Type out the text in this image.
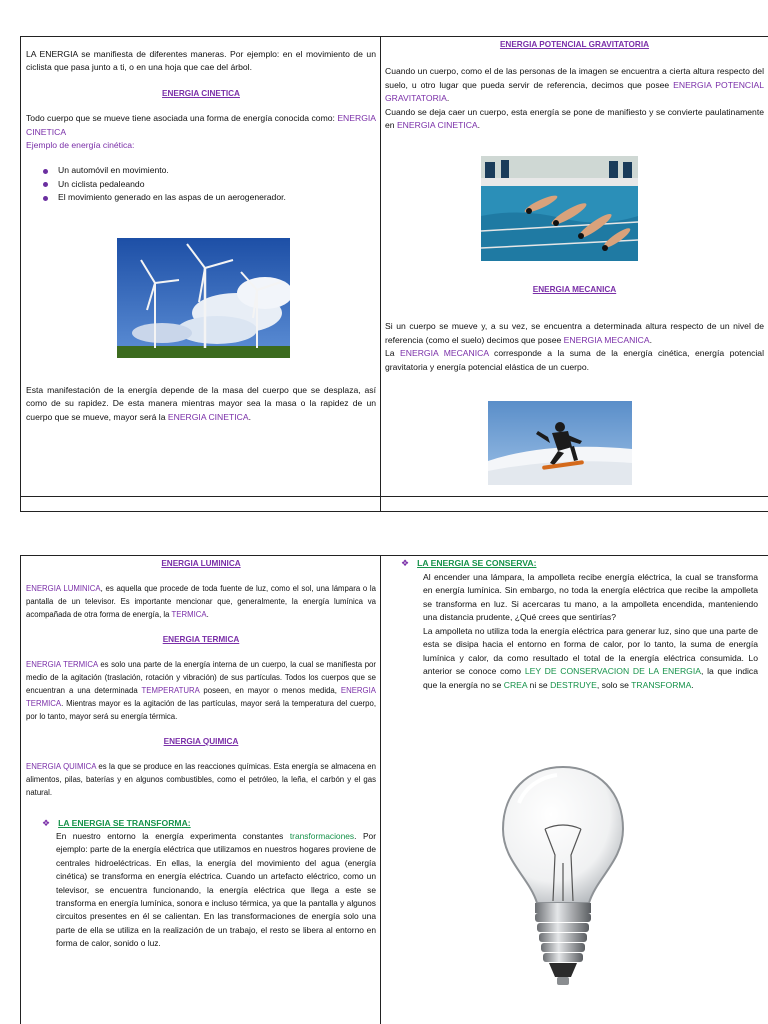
LA ENERGIA se manifiesta de diferentes maneras. Por ejemplo: en el movimiento de un ciclista que pasa junto a ti, o en una hoja que cae del árbol.

ENERGIA CINETICA

Todo cuerpo que se mueve tiene asociada una forma de energía conocida como: ENERGIA CINETICA

Ejemplo de energía cinética:

Un automóvil en movimiento.
Un ciclista pedaleando
El movimiento generado en las aspas de un aerogenerador.

Esta manifestación de la energía depende de la masa del cuerpo que se desplaza, así como de su rapidez. De esta manera mientras mayor sea la masa o la rapidez de un cuerpo que se mueve, mayor será la ENERGIA CINETICA.

ENERGIA POTENCIAL GRAVITATORIA

Cuando un cuerpo, como el de las personas de la imagen se encuentra a cierta altura respecto del suelo, u otro lugar que pueda servir de referencia, decimos que posee ENERGIA POTENCIAL GRAVITATORIA.
Cuando se deja caer un cuerpo, esta energía se pone de manifiesto y se convierte paulatinamente en ENERGIA CINETICA.

ENERGIA MECANICA

Si un cuerpo se mueve y, a su vez, se encuentra a determinada altura respecto de un nivel de referencia (como el suelo) decimos que posee ENERGIA MECANICA.
La ENERGIA MECANICA corresponde a la suma de la energía cinética, energía potencial gravitatoria y energía potencial elástica de un cuerpo.

ENERGIA LUMINICA

ENERGIA LUMINICA, es aquella que procede de toda fuente de luz, como el sol, una lámpara o la pantalla de un televisor. Es importante mencionar que, generalmente, la energía lumínica va acompañada de otra forma de energía, la TERMICA.

ENERGIA TERMICA

ENERGIA TERMICA es solo una parte de la energía interna de un cuerpo, la cual se manifiesta por medio de la agitación (traslación, rotación y vibración) de sus partículas. Todos los cuerpos que se encuentran a una determinada TEMPERATURA poseen, en mayor o menos medida, ENERGIA TERMICA. Mientras mayor es la agitación de las partículas, mayor será la temperatura del cuerpo, por lo tanto, mayor será su energía térmica.

ENERGIA QUIMICA

ENERGIA QUIMICA es la que se produce en las reacciones químicas. Esta energía se almacena en alimentos, pilas, baterías y en algunos combustibles, como el petróleo, la leña, el carbón y el gas natural.

❖ LA ENERGIA SE TRANSFORMA:

En nuestro entorno la energía experimenta constantes transformaciones. Por ejemplo: parte de la energía eléctrica que utilizamos en nuestros hogares proviene de centrales hidroeléctricas. En ellas, la energía del movimiento del agua (energía cinética) se transforma en energía eléctrica. Cuando un artefacto eléctrico, como un televisor, se encuentra funcionando, la energía eléctrica que llega a este se transforma en energía lumínica, sonora e incluso térmica, ya que la pantalla y algunos circuitos presentes en él se calientan. En las transformaciones de energía solo una parte de ella se utiliza en la realización de un trabajo, el resto se libera al entorno en forma de calor, sonido o luz.

❖ LA ENERGIA SE CONSERVA:

Al encender una lámpara, la ampolleta recibe energía eléctrica, la cual se transforma en energía lumínica. Sin embargo, no toda la energía eléctrica que recibe la ampolleta se transforma en luz. Si acercaras tu mano, a la ampolleta encendida, manteniendo una distancia prudente, ¿Qué crees que sentirías?
La ampolleta no utiliza toda la energía eléctrica para generar luz, sino que una parte de esta se disipa hacia el entorno en forma de calor, por lo tanto, la suma de energía lumínica y calor, da como resultado el total de la energía eléctrica consumida. Lo anterior se conoce como LEY DE CONSERVACION DE LA ENERGIA, la que indica que la energía no se CREA ni se DESTRUYE, solo se TRANSFORMA.
